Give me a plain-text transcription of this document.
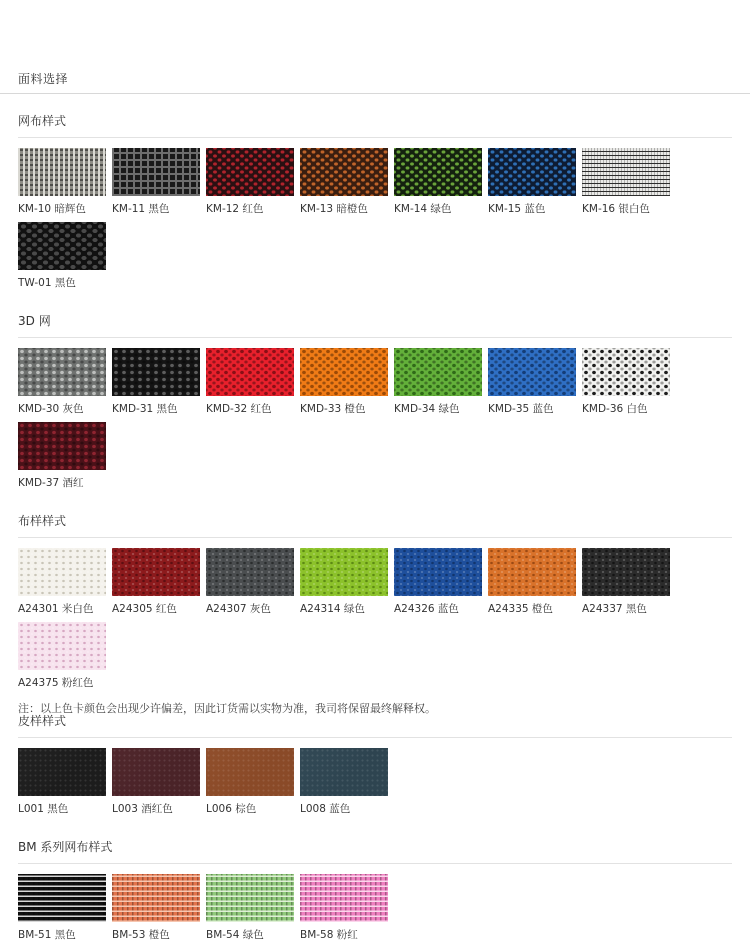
面料选择
网布样式
KM-10 暗辉色	KM-11 黑色	KM-12 红色	KM-13 暗橙色	KM-14 绿色	KM-15 蓝色	KM-16 银白色
TW-01 黑色
3D 网
KMD-30 灰色	KMD-31 黑色	KMD-32 红色	KMD-33 橙色	KMD-34 绿色	KMD-35 蓝色	KMD-36 白色
KMD-37 酒红
布样样式
A24301 米白色	A24305 红色	A24307 灰色	A24314 绿色	A24326 蓝色	A24335 橙色	A24337 黑色
A24375 粉红色
皮样样式
L001 黑色	L003 酒红色	L006 棕色	L008 蓝色
BM 系列网布样式
BM-51 黑色	BM-53 橙色	BM-54 绿色	BM-58 粉红
注：以上色卡颜色会出现少许偏差，因此订货需以实物为准，我司将保留最终解释权。
